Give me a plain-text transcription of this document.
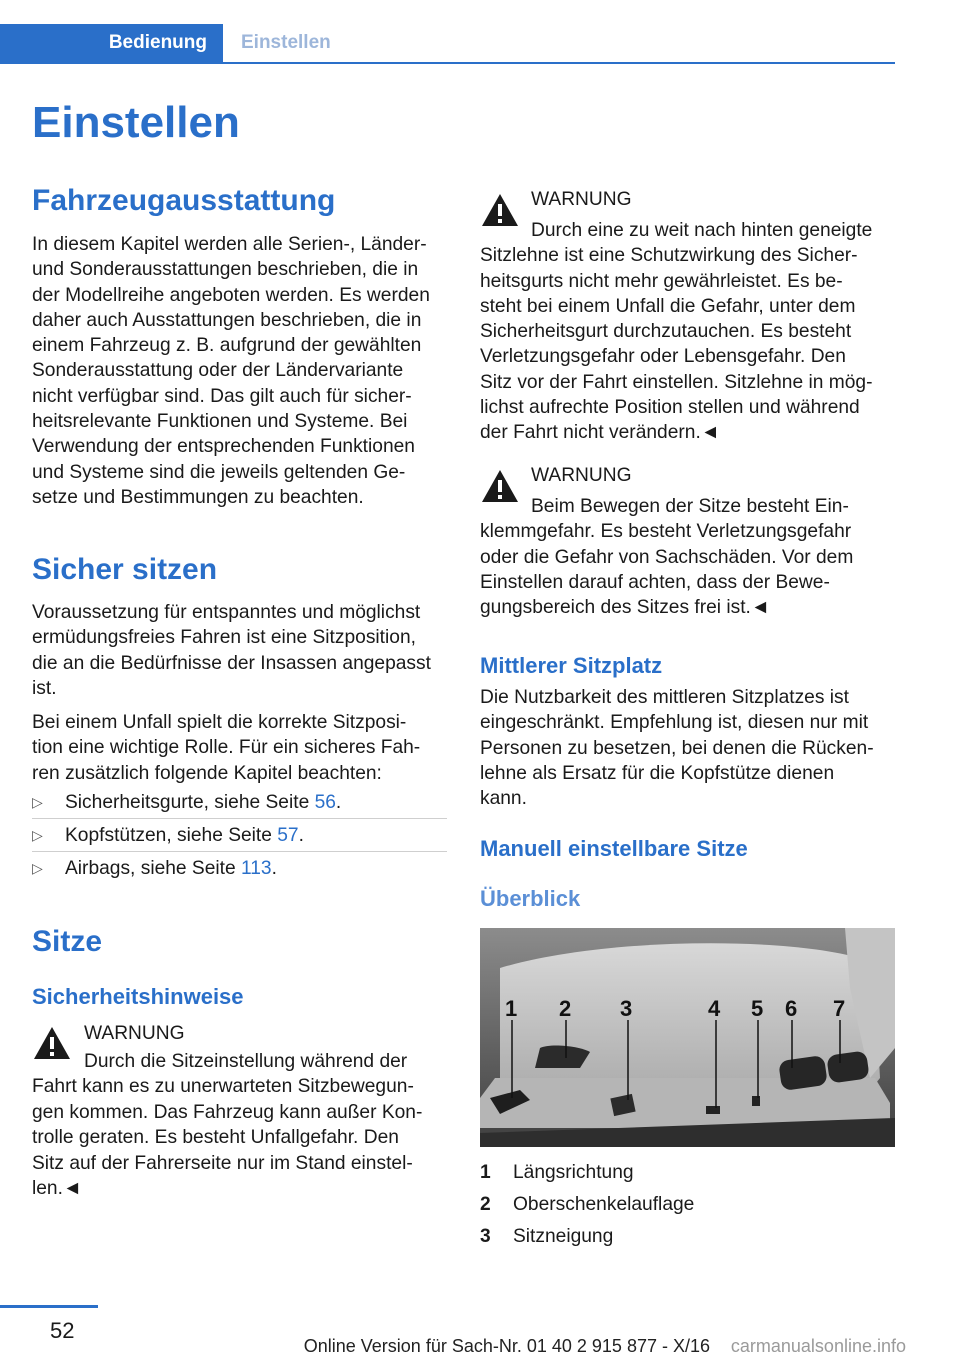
Bedienung Einstellen
Einstellen
Fahrzeugausstattung
In diesem Kapitel werden alle Serien-, Länder-
und Sonderausstattungen beschrieben, die in
der Modellreihe angeboten werden. Es werden
daher auch Ausstattungen beschrieben, die in
einem Fahrzeug z. B. aufgrund der gewählten
Sonderausstattung oder der Ländervariante
nicht verfügbar sind. Das gilt auch für sicher-
heitsrelevante Funktionen und Systeme. Bei
Verwendung der entsprechenden Funktionen
und Systeme sind die jeweils geltenden Ge-
setze und Bestimmungen zu beachten.
Sicher sitzen
Voraussetzung für entspanntes und möglichst
ermüdungsfreies Fahren ist eine Sitzposition,
die an die Bedürfnisse der Insassen angepasst
ist.
Bei einem Unfall spielt die korrekte Sitzposi-
tion eine wichtige Rolle. Für ein sicheres Fah-
ren zusätzlich folgende Kapitel beachten:
▷ Sicherheitsgurte, siehe Seite 56.
▷ Kopfstützen, siehe Seite 57.
▷ Airbags, siehe Seite 113.
Sitze
Sicherheitshinweise
WARNUNG
Durch die Sitzeinstellung während der
Fahrt kann es zu unerwarteten Sitzbewegun-
gen kommen. Das Fahrzeug kann außer Kon-
trolle geraten. Es besteht Unfallgefahr. Den
Sitz auf der Fahrerseite nur im Stand einstel-
len.◄
WARNUNG
Durch eine zu weit nach hinten geneigte
Sitzlehne ist eine Schutzwirkung des Sicher-
heitsgurts nicht mehr gewährleistet. Es be-
steht bei einem Unfall die Gefahr, unter dem
Sicherheitsgurt durchzutauchen. Es besteht
Verletzungsgefahr oder Lebensgefahr. Den
Sitz vor der Fahrt einstellen. Sitzlehne in mög-
lichst aufrechte Position stellen und während
der Fahrt nicht verändern.◄
WARNUNG
Beim Bewegen der Sitze besteht Ein-
klemmgefahr. Es besteht Verletzungsgefahr
oder die Gefahr von Sachschäden. Vor dem
Einstellen darauf achten, dass der Bewe-
gungsbereich des Sitzes frei ist.◄
Mittlerer Sitzplatz
Die Nutzbarkeit des mittleren Sitzplatzes ist
eingeschränkt. Empfehlung ist, diesen nur mit
Personen zu besetzen, bei denen die Rücken-
lehne als Ersatz für die Kopfstütze dienen
kann.
Manuell einstellbare Sitze
Überblick
1 2 3	4 5 6 7
1 Längsrichtung
2 Oberschenkelauflage
3 Sitzneigung
52
Online Version für Sach-Nr. 01 40 2 915 877 - X/16 carmanualsonline.info
